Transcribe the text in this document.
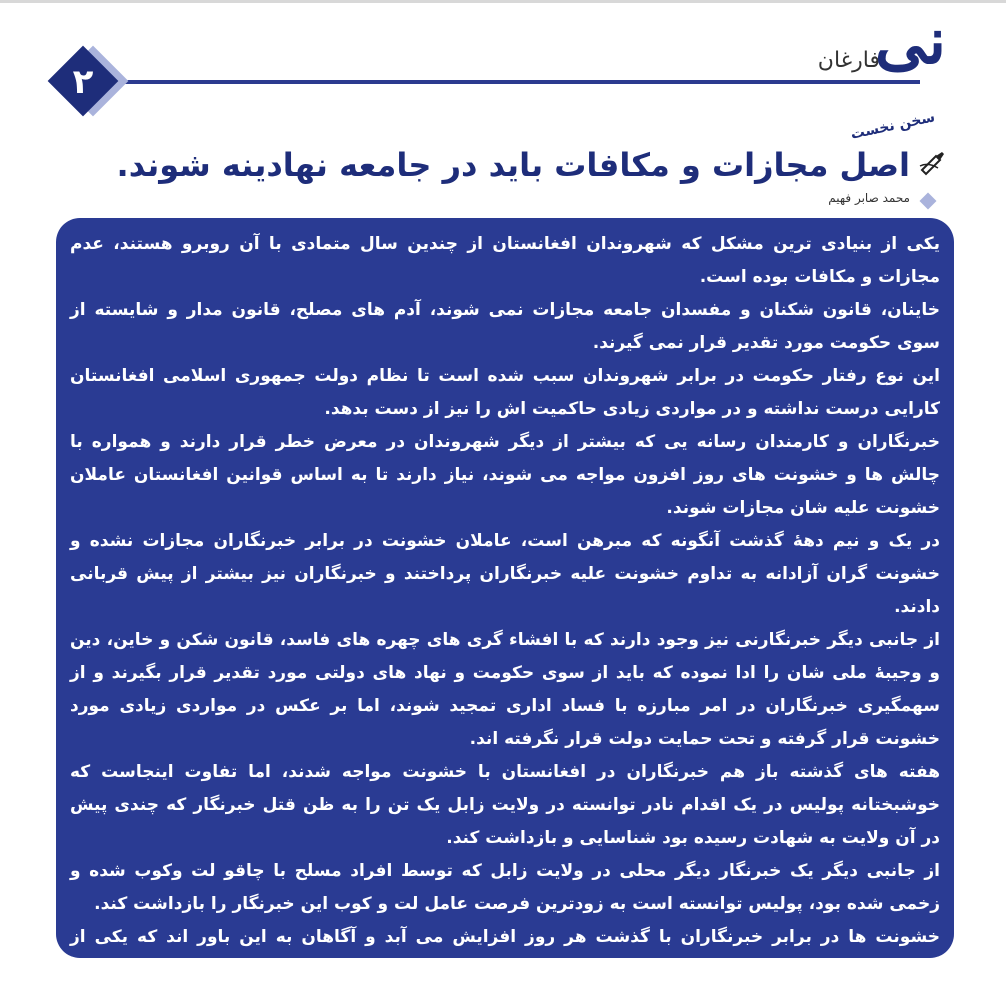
۲
فارغان
نی
سخن نخست
اصل مجازات و مکافات باید در جامعه نهادینه شوند.
محمد صابر فهیم

یکی از بنیادی ترین مشکل که شهروندان افغانستان از چندین سال متمادی با آن روبرو هستند، عدم مجازات و مکافات بوده است.

خاینان، قانون شکنان و مفسدان جامعه مجازات نمی شوند، آدم های مصلح، قانون مدار و شایسته از سوی حکومت مورد تقدیر قرار نمی گیرند.

این نوع رفتار حکومت در برابر شهروندان سبب شده است تا نظام دولت جمهوری اسلامی افغانستان کارایی درست نداشته و در مواردی زیادی حاکمیت اش را نیز از دست بدهد.

خبرنگاران و کارمندان رسانه یی که بیشتر از دیگر شهروندان در معرض خطر قرار دارند و همواره با چالش ها و خشونت های روز افزون مواجه می شوند، نیاز دارند تا به اساس قوانین افغانستان عاملان خشونت علیه شان مجازات شوند.

در یک و نیم دههٔ گذشت آنگونه که مبرهن است، عاملان خشونت در برابر خبرنگاران مجازات نشده و خشونت گران آزادانه به تداوم خشونت علیه خبرنگاران پرداختند و خبرنگاران نیز بیشتر از پیش قربانی دادند.

از جانبی دیگر خبرنگارنی نیز وجود دارند که با افشاء گری های چهره های فاسد، قانون شکن و خاین، دین و وجیبهٔ ملی شان را ادا نموده که باید از سوی حکومت و نهاد های دولتی مورد تقدیر قرار بگیرند و از سهمگیری خبرنگاران در امر مبارزه با فساد اداری تمجید شوند، اما بر عکس در مواردی زیادی مورد خشونت قرار گرفته و تحت حمایت دولت قرار نگرفته اند.

هفته های گذشته باز هم خبرنگاران در افغانستان با خشونت مواجه شدند، اما تفاوت اینجاست که خوشبختانه پولیس در یک اقدام نادر توانسته در ولایت زابل یک تن را به ظن قتل خبرنگار که چندی پیش در آن ولایت به شهادت رسیده بود شناسایی و بازداشت کند.

از جانبی دیگر یک خبرنگار دیگر محلی در ولایت زابل که توسط افراد مسلح با چاقو لت وکوب شده و زخمی شده بود، پولیس توانسته است به زودترین فرصت عامل لت و کوب این خبرنگار را بازداشت کند.

خشونت ها در برابر خبرنگاران با گذشت هر روز افزایش می آبد و آگاهان به این باور اند که یکی از مهمترین عامل
